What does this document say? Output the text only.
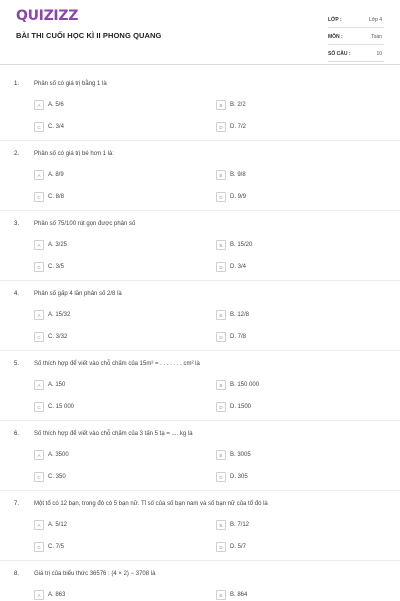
QUIZIZZ
BÀI THI CUỐI HỌC KÌ II PHONG QUANG
LỚP :	Lớp 4
MÔN :	Toán
SỐ CÂU :	10
1. Phân số có giá trị bằng 1 là
A	A. 5/6	B	B. 2/2
C	C. 3/4	D	D. 7/2
2. Phân số có giá trị bé hơn 1 là:
A	A. 8/9	B	B. 9/8
C	C. 8/8	D	D. 9/9
3. Phân số 75/100 rút gọn được phân số
A	A. 3/25	B	B. 15/20
C	C. 3/5	D	D. 3/4
4. Phân số gấp 4 lần phân số 2/8 là
A	A. 15/32	B	B. 12/8
C	C. 3/32	D	D. 7/8
5. Số thích hợp để viết vào chỗ chấm của 15m² = . . . . . . . cm² là
A	A. 150	B	B. 150 000
C	C. 15 000	D	D. 1500
6. Số thích hợp để viết vào chỗ chấm của 3 tấn 5 tạ = .... kg là
A	A. 3500	B	B. 3005
C	C. 350	D	D. 305
7. Một tổ có 12 bạn, trong đó có 5 bạn nữ. Tỉ số của số bạn nam và số bạn nữ của tổ đó là
A	A. 5/12	B	B. 7/12
C	C. 7/5	D	D. 5/7
8. Giá trị của biểu thức 36576 : (4 × 2) − 3708 là
A	A. 863	B	B. 864
